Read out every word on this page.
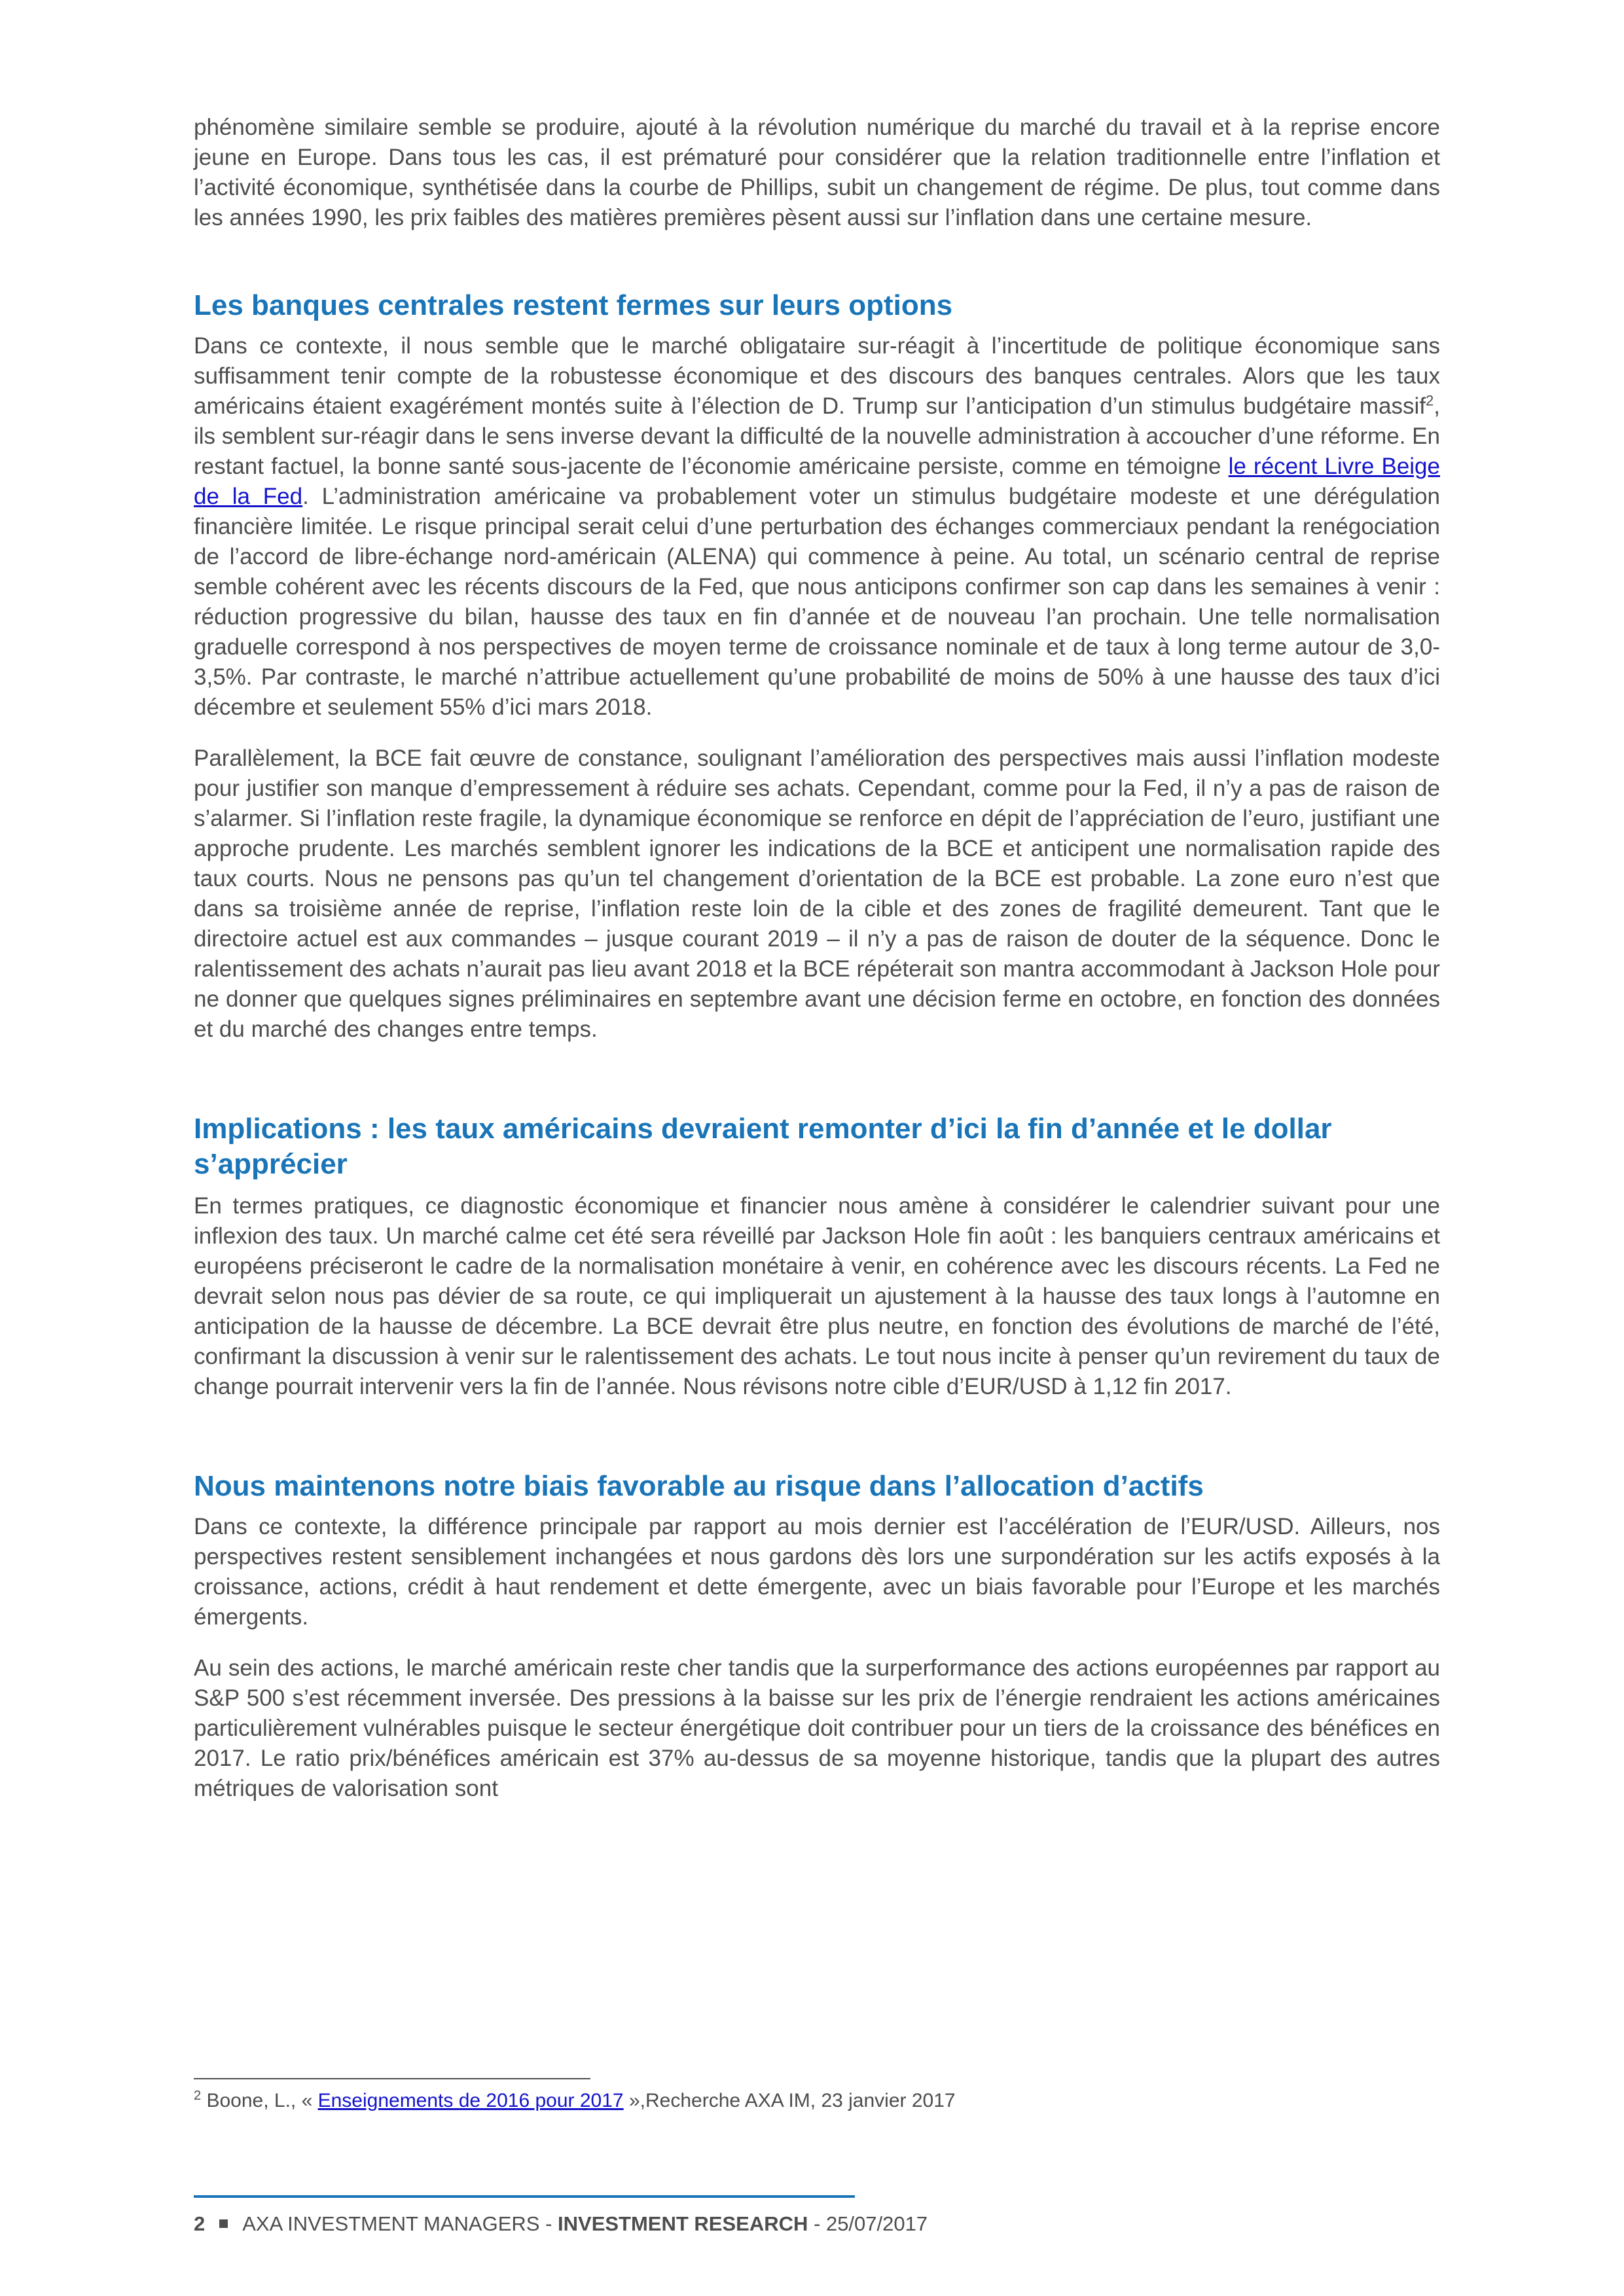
phénomène similaire semble se produire, ajouté à la révolution numérique du marché du travail et à la reprise encore jeune en Europe. Dans tous les cas, il est prématuré pour considérer que la relation traditionnelle entre l’inflation et l’activité économique, synthétisée dans la courbe de Phillips, subit un changement de régime. De plus, tout comme dans les années 1990, les prix faibles des matières premières pèsent aussi sur l’inflation dans une certaine mesure.

Les banques centrales restent fermes sur leurs options

Dans ce contexte, il nous semble que le marché obligataire sur-réagit à l’incertitude de politique économique sans suffisamment tenir compte de la robustesse économique et des discours des banques centrales. Alors que les taux américains étaient exagérément montés suite à l’élection de D. Trump sur l’anticipation d’un stimulus budgétaire massif$^2$, ils semblent sur-réagir dans le sens inverse devant la difficulté de la nouvelle administration à accoucher d’une réforme. En restant factuel, la bonne santé sous-jacente de l’économie américaine persiste, comme en témoigne le récent Livre Beige de la Fed. L’administration américaine va probablement voter un stimulus budgétaire modeste et une dérégulation financière limitée. Le risque principal serait celui d’une perturbation des échanges commerciaux pendant la renégociation de l’accord de libre-échange nord-américain (ALENA) qui commence à peine. Au total, un scénario central de reprise semble cohérent avec les récents discours de la Fed, que nous anticipons confirmer son cap dans les semaines à venir : réduction progressive du bilan, hausse des taux en fin d’année et de nouveau l’an prochain. Une telle normalisation graduelle correspond à nos perspectives de moyen terme de croissance nominale et de taux à long terme autour de 3,0-3,5%. Par contraste, le marché n’attribue actuellement qu’une probabilité de moins de 50% à une hausse des taux d’ici décembre et seulement 55% d’ici mars 2018.

Parallèlement, la BCE fait œuvre de constance, soulignant l’amélioration des perspectives mais aussi l’inflation modeste pour justifier son manque d’empressement à réduire ses achats. Cependant, comme pour la Fed, il n’y a pas de raison de s’alarmer. Si l’inflation reste fragile, la dynamique économique se renforce en dépit de l’appréciation de l’euro, justifiant une approche prudente. Les marchés semblent ignorer les indications de la BCE et anticipent une normalisation rapide des taux courts. Nous ne pensons pas qu’un tel changement d’orientation de la BCE est probable. La zone euro n’est que dans sa troisième année de reprise, l’inflation reste loin de la cible et des zones de fragilité demeurent. Tant que le directoire actuel est aux commandes – jusque courant 2019 – il n’y a pas de raison de douter de la séquence. Donc le ralentissement des achats n’aurait pas lieu avant 2018 et la BCE répéterait son mantra accommodant à Jackson Hole pour ne donner que quelques signes préliminaires en septembre avant une décision ferme en octobre, en fonction des données et du marché des changes entre temps.

Implications : les taux américains devraient remonter d’ici la fin d’année et le dollar s’apprécier

En termes pratiques, ce diagnostic économique et financier nous amène à considérer le calendrier suivant pour une inflexion des taux. Un marché calme cet été sera réveillé par Jackson Hole fin août : les banquiers centraux américains et européens préciseront le cadre de la normalisation monétaire à venir, en cohérence avec les discours récents. La Fed ne devrait selon nous pas dévier de sa route, ce qui impliquerait un ajustement à la hausse des taux longs à l’automne en anticipation de la hausse de décembre. La BCE devrait être plus neutre, en fonction des évolutions de marché de l’été, confirmant la discussion à venir sur le ralentissement des achats. Le tout nous incite à penser qu’un revirement du taux de change pourrait intervenir vers la fin de l’année. Nous révisons notre cible d’EUR/USD à 1,12 fin 2017.

Nous maintenons notre biais favorable au risque dans l’allocation d’actifs

Dans ce contexte, la différence principale par rapport au mois dernier est l’accélération de l’EUR/USD. Ailleurs, nos perspectives restent sensiblement inchangées et nous gardons dès lors une surpondération sur les actifs exposés à la croissance, actions, crédit à haut rendement et dette émergente, avec un biais favorable pour l’Europe et les marchés émergents.

Au sein des actions, le marché américain reste cher tandis que la surperformance des actions européennes par rapport au S&P 500 s’est récemment inversée. Des pressions à la baisse sur les prix de l’énergie rendraient les actions américaines particulièrement vulnérables puisque le secteur énergétique doit contribuer pour un tiers de la croissance des bénéfices en 2017. Le ratio prix/bénéfices américain est 37% au-dessus de sa moyenne historique, tandis que la plupart des autres métriques de valorisation sont

$^2$ Boone, L., « Enseignements de 2016 pour 2017 »,Recherche AXA IM, 23 janvier 2017
2 AXA INVESTMENT MANAGERS - INVESTMENT RESEARCH - 25/07/2017
